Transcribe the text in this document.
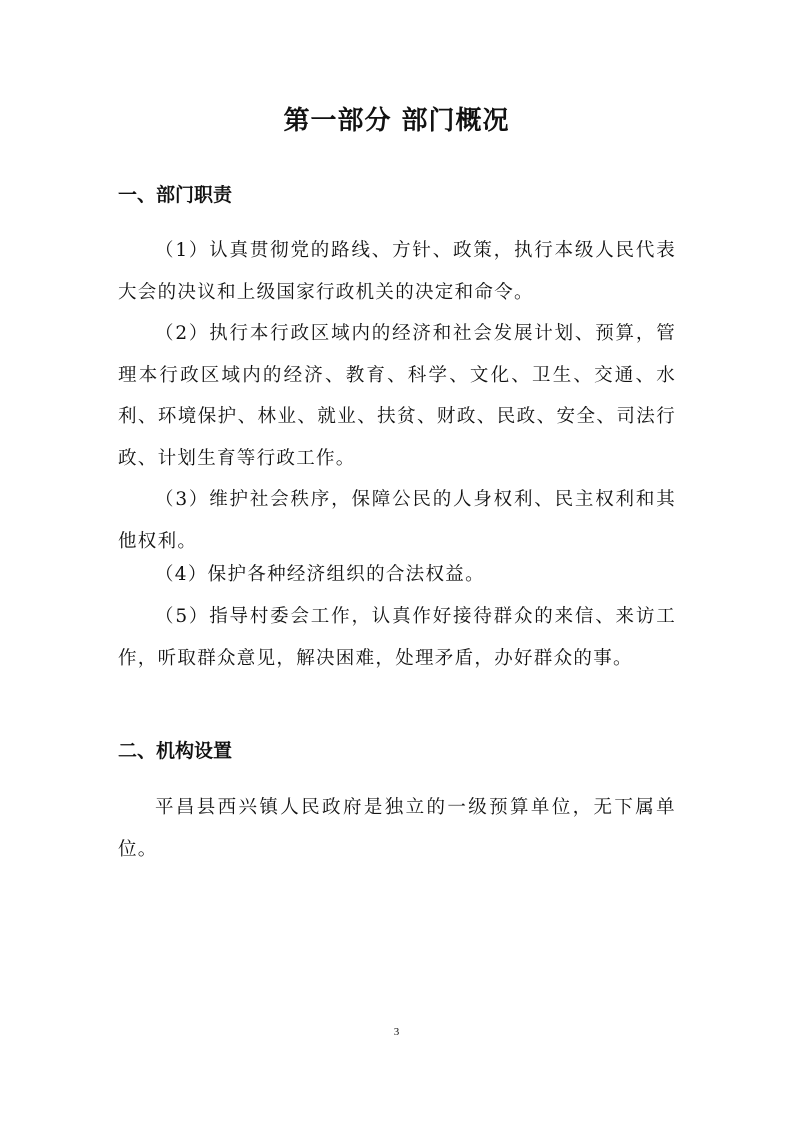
第一部分 部门概况
一、部门职责

（1）认真贯彻党的路线、方针、政策，执行本级人民代表大会的决议和上级国家行政机关的决定和命令。

（2）执行本行政区域内的经济和社会发展计划、预算，管理本行政区域内的经济、教育、科学、文化、卫生、交通、水利、环境保护、林业、就业、扶贫、财政、民政、安全、司法行政、计划生育等行政工作。

（3）维护社会秩序，保障公民的人身权利、民主权利和其他权利。

（4）保护各种经济组织的合法权益。

（5）指导村委会工作，认真作好接待群众的来信、来访工作，听取群众意见，解决困难，处理矛盾，办好群众的事。

二、机构设置

平昌县西兴镇人民政府是独立的一级预算单位，无下属单位。

3
